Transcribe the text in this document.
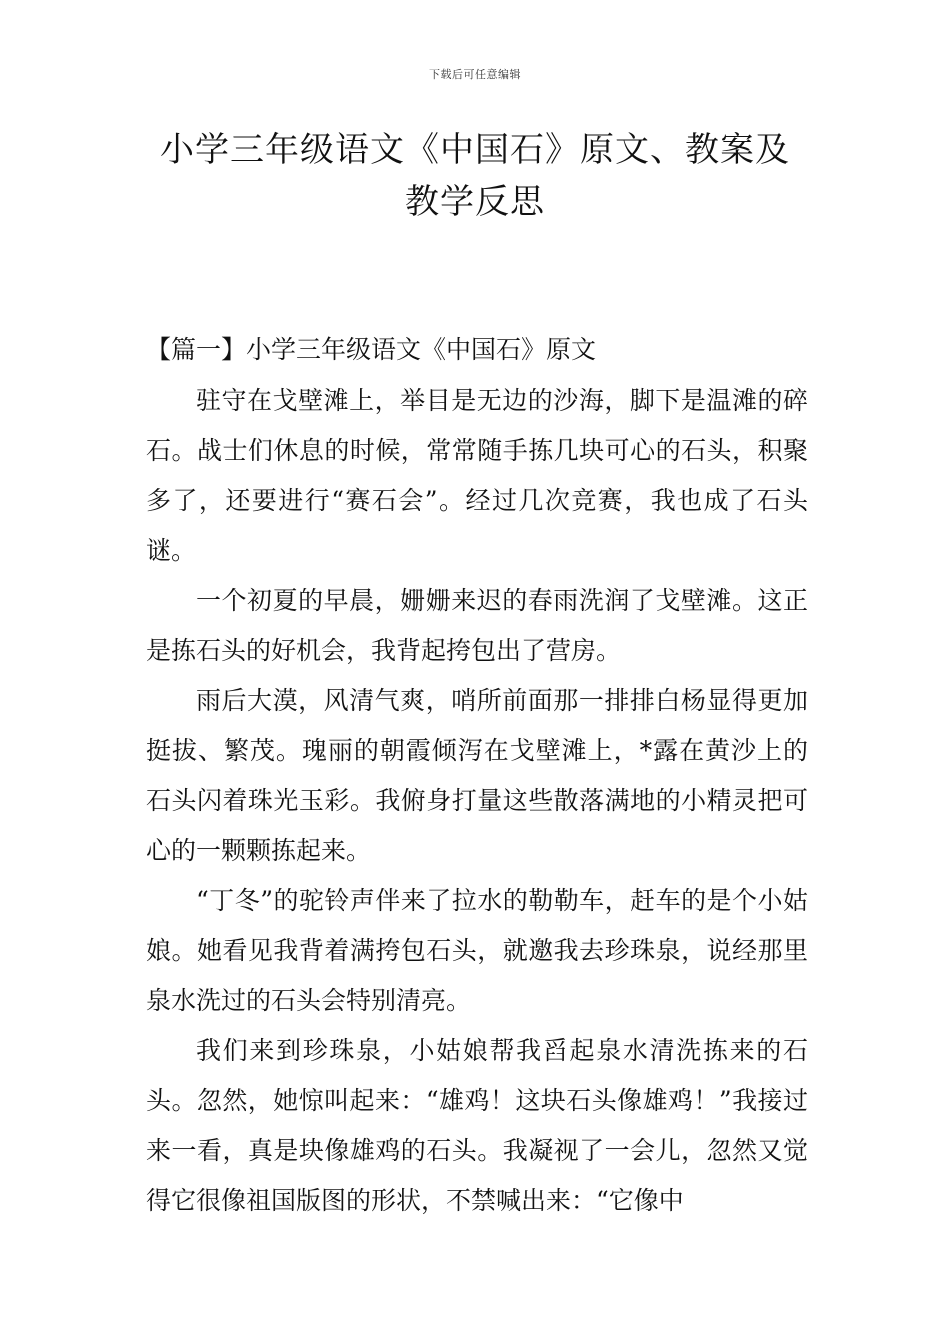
下载后可任意编辑
小学三年级语文《中国石》原文、教案及
教学反思
【篇一】小学三年级语文《中国石》原文

驻守在戈壁滩上，举目是无边的沙海，脚下是温滩的碎石。战士们休息的时候，常常随手拣几块可心的石头，积聚多了，还要进行“赛石会”。经过几次竞赛，我也成了石头谜。

一个初夏的早晨，姗姗来迟的春雨洗润了戈壁滩。这正是拣石头的好机会，我背起挎包出了营房。

雨后大漠，风清气爽，哨所前面那一排排白杨显得更加挺拔、繁茂。瑰丽的朝霞倾泻在戈壁滩上，*露在黄沙上的石头闪着珠光玉彩。我俯身打量这些散落满地的小精灵把可心的一颗颗拣起来。

“丁冬”的驼铃声伴来了拉水的勒勒车，赶车的是个小姑娘。她看见我背着满挎包石头，就邀我去珍珠泉，说经那里泉水洗过的石头会特别清亮。

我们来到珍珠泉，小姑娘帮我舀起泉水清洗拣来的石头。忽然，她惊叫起来：“雄鸡！这块石头像雄鸡！”我接过来一看，真是块像雄鸡的石头。我凝视了一会儿，忽然又觉得它很像祖国版图的形状，不禁喊出来：“它像中
